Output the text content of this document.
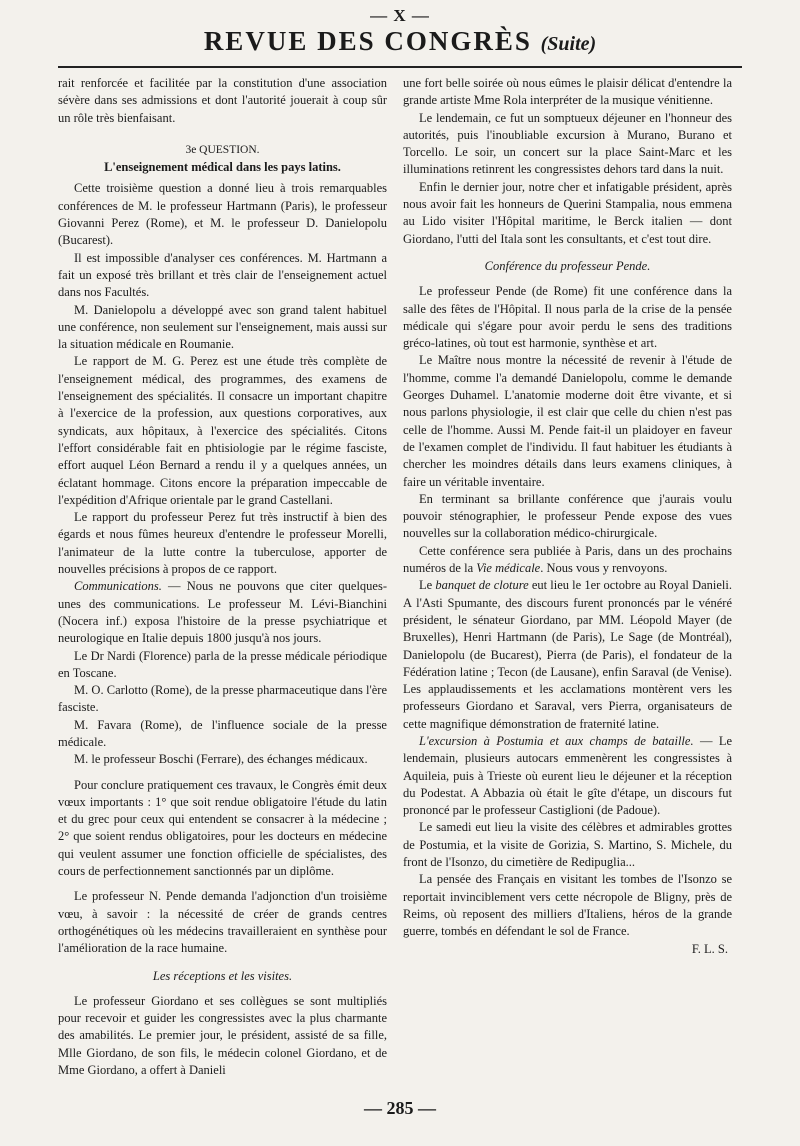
— X —
REVUE DES CONGRÈS (Suite)

rait renforcée et facilitée par la constitution d'une association sévère dans ses admissions et dont l'autorité jouerait à coup sûr un rôle très bienfaisant.

3e QUESTION.
L'enseignement médical dans les pays latins.

Cette troisième question a donné lieu à trois remarquables conférences de M. le professeur Hartmann (Paris), le professeur Giovanni Perez (Rome), et M. le professeur D. Danielopolu (Bucarest).

Il est impossible d'analyser ces conférences. M. Hartmann a fait un exposé très brillant et très clair de l'enseignement actuel dans nos Facultés.

M. Danielopolu a développé avec son grand talent habituel une conférence, non seulement sur l'enseignement, mais aussi sur la situation médicale en Roumanie.

Le rapport de M. G. Perez est une étude très complète de l'enseignement médical, des programmes, des examens de l'enseignement des spécialités. Il consacre un important chapitre à l'exercice de la profession, aux questions corporatives, aux syndicats, aux hôpitaux, à l'exercice des spécialités. Citons l'effort considérable fait en phtisiologie par le régime fasciste, effort auquel Léon Bernard a rendu il y a quelques années, un éclatant hommage. Citons encore la préparation impeccable de l'expédition d'Afrique orientale par le grand Castellani.

Le rapport du professeur Perez fut très instructif à bien des égards et nous fûmes heureux d'entendre le professeur Morelli, l'animateur de la lutte contre la tuberculose, apporter de nouvelles précisions à propos de ce rapport.

Communications. — Nous ne pouvons que citer quelques-unes des communications. Le professeur M. Lévi-Bianchini (Nocera inf.) exposa l'histoire de la presse psychiatrique et neurologique en Italie depuis 1800 jusqu'à nos jours.

Le Dr Nardi (Florence) parla de la presse médicale périodique en Toscane.

M. O. Carlotto (Rome), de la presse pharmaceutique dans l'ère fasciste.

M. Favara (Rome), de l'influence sociale de la presse médicale.

M. le professeur Boschi (Ferrare), des échanges médicaux.

Pour conclure pratiquement ces travaux, le Congrès émit deux vœux importants : 1° que soit rendue obligatoire l'étude du latin et du grec pour ceux qui entendent se consacrer à la médecine ; 2° que soient rendus obligatoires, pour les docteurs en médecine qui veulent assumer une fonction officielle de spécialistes, des cours de perfectionnement sanctionnés par un diplôme.

Le professeur N. Pende demanda l'adjonction d'un troisième vœu, à savoir : la nécessité de créer de grands centres orthogénétiques où les médecins travailleraient en synthèse pour l'amélioration de la race humaine.

Les réceptions et les visites.

Le professeur Giordano et ses collègues se sont multipliés pour recevoir et guider les congressistes avec la plus charmante des amabilités. Le premier jour, le président, assisté de sa fille, Mlle Giordano, de son fils, le médecin colonel Giordano, et de Mme Giordano, a offert à Danieli

une fort belle soirée où nous eûmes le plaisir délicat d'entendre la grande artiste Mme Rola interpréter de la musique vénitienne.

Le lendemain, ce fut un somptueux déjeuner en l'honneur des autorités, puis l'inoubliable excursion à Murano, Burano et Torcello. Le soir, un concert sur la place Saint-Marc et les illuminations retinrent les congressistes dehors tard dans la nuit.

Enfin le dernier jour, notre cher et infatigable président, après nous avoir fait les honneurs de Querini Stampalia, nous emmena au Lido visiter l'Hôpital maritime, le Berck italien — dont Giordano, l'utti del Itala sont les consultants, et c'est tout dire.

Conférence du professeur Pende.

Le professeur Pende (de Rome) fit une conférence dans la salle des fêtes de l'Hôpital. Il nous parla de la crise de la pensée médicale qui s'égare pour avoir perdu le sens des traditions gréco-latines, où tout est harmonie, synthèse et art.

Le Maître nous montre la nécessité de revenir à l'étude de l'homme, comme l'a demandé Danielopolu, comme le demande Georges Duhamel. L'anatomie moderne doit être vivante, et si nous parlons physiologie, il est clair que celle du chien n'est pas celle de l'homme. Aussi M. Pende fait-il un plaidoyer en faveur de l'examen complet de l'individu. Il faut habituer les étudiants à chercher les moindres détails dans leurs examens cliniques, à faire un véritable inventaire.

En terminant sa brillante conférence que j'aurais voulu pouvoir sténographier, le professeur Pende expose des vues nouvelles sur la collaboration médico-chirurgicale.

Cette conférence sera publiée à Paris, dans un des prochains numéros de la Vie médicale. Nous vous y renvoyons.

Le banquet de cloture eut lieu le 1er octobre au Royal Danieli. A l'Asti Spumante, des discours furent prononcés par le vénéré président, le sénateur Giordano, par MM. Léopold Mayer (de Bruxelles), Henri Hartmann (de Paris), Le Sage (de Montréal), Danielopolu (de Bucarest), Pierra (de Paris), el fondateur de la Fédération latine ; Tecon (de Lausane), enfin Saraval (de Venise). Les applaudissements et les acclamations montèrent vers les professeurs Giordano et Saraval, vers Pierra, organisateurs de cette magnifique démonstration de fraternité latine.

L'excursion à Postumia et aux champs de bataille. — Le lendemain, plusieurs autocars emmenèrent les congressistes à Aquileia, puis à Trieste où eurent lieu le déjeuner et la réception du Podestat. A Abbazia où était le gîte d'étape, un discours fut prononcé par le professeur Castiglioni (de Padoue).

Le samedi eut lieu la visite des célèbres et admirables grottes de Postumia, et la visite de Gorizia, S. Martino, S. Michele, du front de l'Isonzo, du cimetière de Redipuglia...

La pensée des Français en visitant les tombes de l'Isonzo se reportait invinciblement vers cette nécropole de Bligny, près de Reims, où reposent des milliers d'Italiens, héros de la grande guerre, tombés en défendant le sol de France.

F. L. S.
— 285 —
